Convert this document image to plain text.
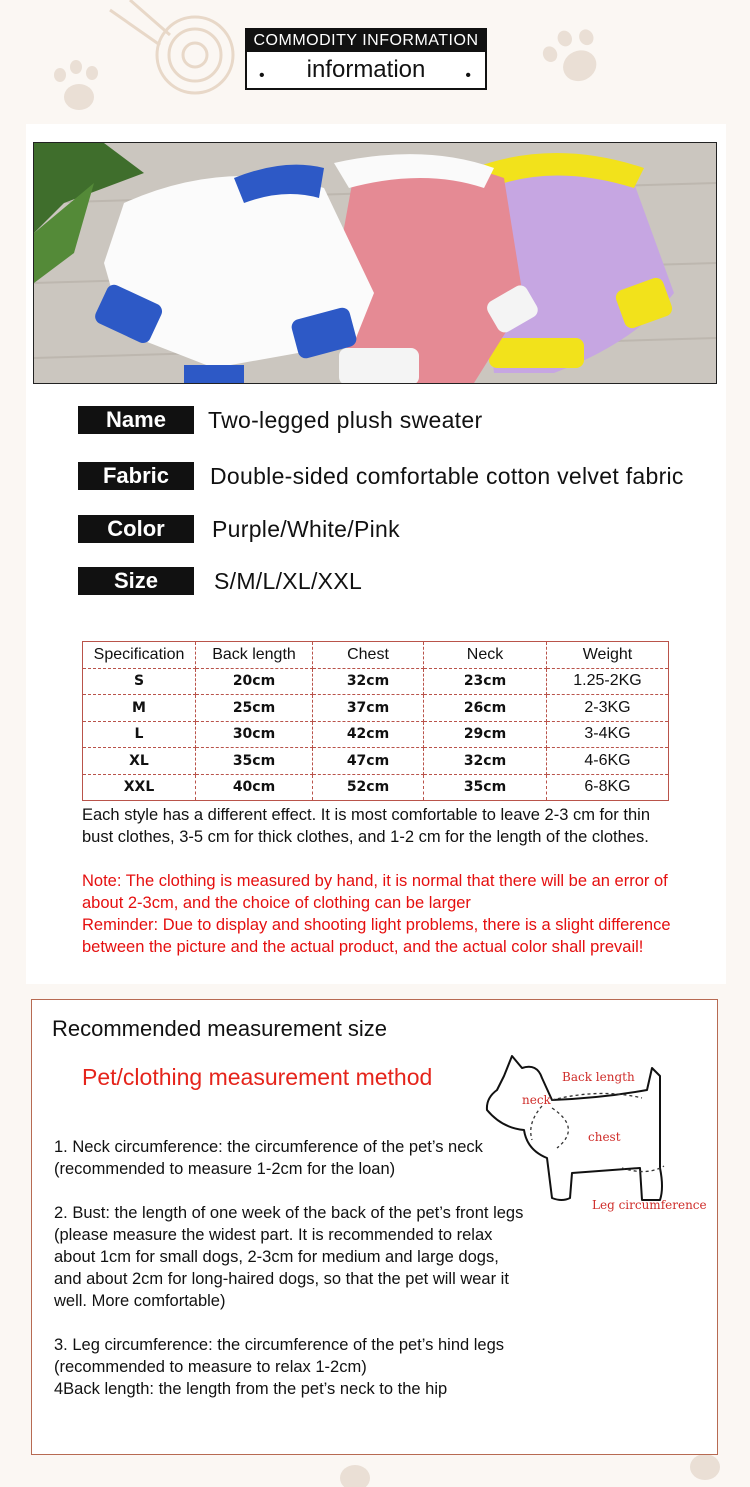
COMMODITY INFORMATION
•	information	•
Name	Two-legged plush sweater
Fabric	Double-sided comfortable cotton velvet fabric
Color	Purple/White/Pink
Size	S/M/L/XL/XXL
Specification	Back length	Chest	Neck	Weight
S	20cm	32cm	23cm	1.25-2KG
M	25cm	37cm	26cm	2-3KG
L	30cm	42cm	29cm	3-4KG
XL	35cm	47cm	32cm	4-6KG
XXL	40cm	52cm	35cm	6-8KG
Each style has a different effect. It is most comfortable to leave 2-3 cm for thin bust clothes, 3-5 cm for thick clothes, and 1-2 cm for the length of the clothes.
Note: The clothing is measured by hand, it is normal that there will be an error of about 2-3cm, and the choice of clothing can be larger
Reminder: Due to display and shooting light problems, there is a slight difference between the picture and the actual product, and the actual color shall prevail!
Recommended measurement size
Pet/clothing measurement method	Back length
neck
chest
Leg circumference
1. Neck circumference: the circumference of the pet’s neck (recommended to measure 1-2cm for the loan)
2. Bust: the length of one week of the back of the pet’s front legs (please measure the widest part. It is recommended to relax about 1cm for small dogs, 2-3cm for medium and large dogs, and about 2cm for long-haired dogs, so that the pet will wear it well. More comfortable)
3. Leg circumference: the circumference of the pet’s hind legs (recommended to measure to relax 1-2cm)
4Back length: the length from the pet’s neck to the hip
